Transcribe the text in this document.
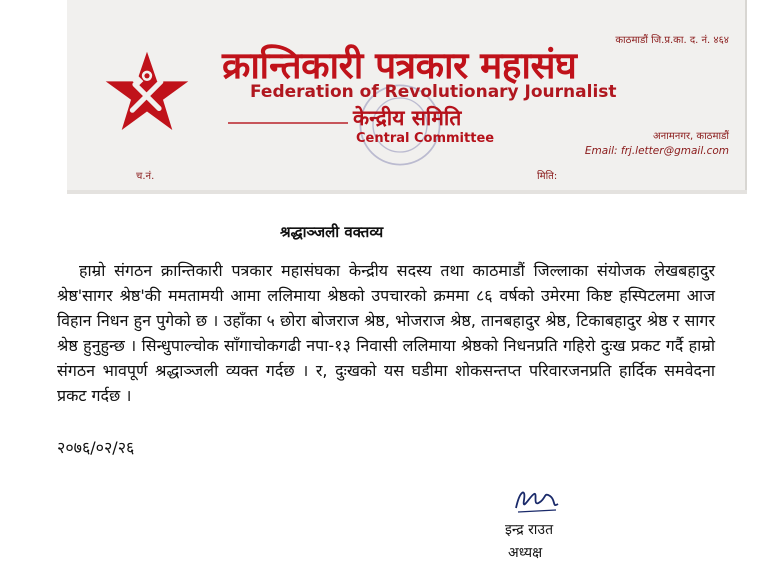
काठमाडौं जि.प्र.का. द. नं. ४६४
अनामनगर, काठमाडौं
Email: frj.letter@gmail.com
क्रान्तिकारी पत्रकार महासंघ
Federation of Revolutionary Journalist
केन्द्रीय समिति
Central Committee
च.नं.	मिति:
श्रद्धाञ्जली वक्तव्य
हाम्रो संगठन क्रान्तिकारी पत्रकार महासंघका केन्द्रीय सदस्य तथा काठमाडौं जिल्लाका संयोजक लेखबहादुर श्रेष्ठ'सागर श्रेष्ठ'की ममतामयी आमा ललिमाया श्रेष्ठको उपचारको क्रममा ८६ वर्षको उमेरमा किष्ट हस्पिटलमा आज विहान निधन हुन पुगेको छ । उहाँका ५ छोरा बोजराज श्रेष्ठ, भोजराज श्रेष्ठ, तानबहादुर श्रेष्ठ, टिकाबहादुर श्रेष्ठ र सागर श्रेष्ठ हुनुहुन्छ । सिन्धुपाल्चोक साँगाचोकगढी नपा-१३ निवासी ललिमाया श्रेष्ठको निधनप्रति गहिरो दुःख प्रकट गर्दै हाम्रो संगठन भावपूर्ण श्रद्धाञ्जली व्यक्त गर्दछ । र, दुःखको यस घडीमा शोकसन्तप्त परिवारजनप्रति हार्दिक समवेदना प्रकट गर्दछ ।
२०७६/०२/२६
इन्द्र राउत
अध्यक्ष
